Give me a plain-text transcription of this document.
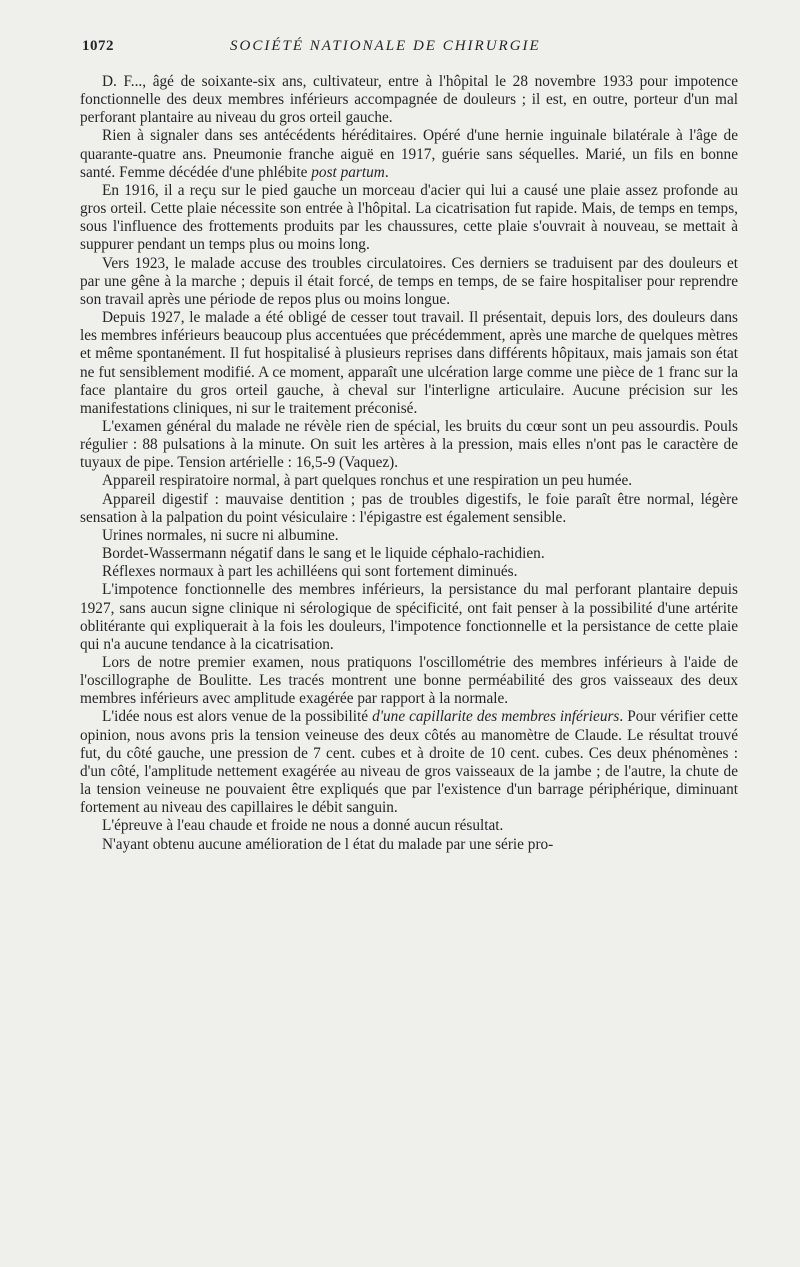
1072	SOCIÉTÉ NATIONALE DE CHIRURGIE

D. F..., âgé de soixante-six ans, cultivateur, entre à l'hôpital le 28 novembre 1933 pour impotence fonctionnelle des deux membres inférieurs accompagnée de douleurs ; il est, en outre, porteur d'un mal perforant plantaire au niveau du gros orteil gauche.

Rien à signaler dans ses antécédents héréditaires. Opéré d'une hernie inguinale bilatérale à l'âge de quarante-quatre ans. Pneumonie franche aiguë en 1917, guérie sans séquelles. Marié, un fils en bonne santé. Femme décédée d'une phlébite post partum.

En 1916, il a reçu sur le pied gauche un morceau d'acier qui lui a causé une plaie assez profonde au gros orteil. Cette plaie nécessite son entrée à l'hôpital. La cicatrisation fut rapide. Mais, de temps en temps, sous l'influence des frottements produits par les chaussures, cette plaie s'ouvrait à nouveau, se mettait à suppurer pendant un temps plus ou moins long.

Vers 1923, le malade accuse des troubles circulatoires. Ces derniers se traduisent par des douleurs et par une gêne à la marche ; depuis il était forcé, de temps en temps, de se faire hospitaliser pour reprendre son travail après une période de repos plus ou moins longue.

Depuis 1927, le malade a été obligé de cesser tout travail. Il présentait, depuis lors, des douleurs dans les membres inférieurs beaucoup plus accentuées que précédemment, après une marche de quelques mètres et même spontanément. Il fut hospitalisé à plusieurs reprises dans différents hôpitaux, mais jamais son état ne fut sensiblement modifié. A ce moment, apparaît une ulcération large comme une pièce de 1 franc sur la face plantaire du gros orteil gauche, à cheval sur l'interligne articulaire. Aucune précision sur les manifestations cliniques, ni sur le traitement préconisé.

L'examen général du malade ne révèle rien de spécial, les bruits du cœur sont un peu assourdis. Pouls régulier : 88 pulsations à la minute. On suit les artères à la pression, mais elles n'ont pas le caractère de tuyaux de pipe. Tension artérielle : 16,5-9 (Vaquez).

Appareil respiratoire normal, à part quelques ronchus et une respiration un peu humée.

Appareil digestif : mauvaise dentition ; pas de troubles digestifs, le foie paraît être normal, légère sensation à la palpation du point vésiculaire : l'épigastre est également sensible.

Urines normales, ni sucre ni albumine.

Bordet-Wassermann négatif dans le sang et le liquide céphalo-rachidien.

Réflexes normaux à part les achilléens qui sont fortement diminués.

L'impotence fonctionnelle des membres inférieurs, la persistance du mal perforant plantaire depuis 1927, sans aucun signe clinique ni sérologique de spécificité, ont fait penser à la possibilité d'une artérite oblitérante qui expliquerait à la fois les douleurs, l'impotence fonctionnelle et la persistance de cette plaie qui n'a aucune tendance à la cicatrisation.

Lors de notre premier examen, nous pratiquons l'oscillométrie des membres inférieurs à l'aide de l'oscillographe de Boulitte. Les tracés montrent une bonne perméabilité des gros vaisseaux des deux membres inférieurs avec amplitude exagérée par rapport à la normale.

L'idée nous est alors venue de la possibilité d'une capillarite des membres inférieurs. Pour vérifier cette opinion, nous avons pris la tension veineuse des deux côtés au manomètre de Claude. Le résultat trouvé fut, du côté gauche, une pression de 7 cent. cubes et à droite de 10 cent. cubes. Ces deux phénomènes : d'un côté, l'amplitude nettement exagérée au niveau de gros vaisseaux de la jambe ; de l'autre, la chute de la tension veineuse ne pouvaient être expliqués que par l'existence d'un barrage périphérique, diminuant fortement au niveau des capillaires le débit sanguin.

L'épreuve à l'eau chaude et froide ne nous a donné aucun résultat.

N'ayant obtenu aucune amélioration de l état du malade par une série pro-
